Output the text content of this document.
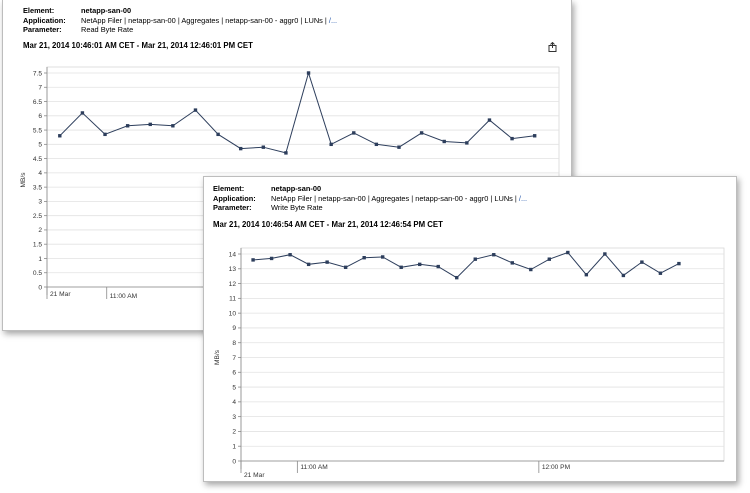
Element:	netapp-san-00
Application: NetApp Filer | netapp-san-00 | Aggregates | netapp-san-00 - aggr0 | LUNs | /...
Parameter:	Read Byte Rate
Mar 21, 2014 10:46:01 AM CET - Mar 21, 2014 12:46:01 PM CET
0
0.5
1
1.5
2
2.5
3
3.5
4
4.5
5
5.5
6
6.5
7
7.5
MB/s
21 Mar	11:00 AM
Element:	netapp-san-00
Application: NetApp Filer | netapp-san-00 | Aggregates | netapp-san-00 - aggr0 | LUNs | /...
Parameter:	Write Byte Rate
Mar 21, 2014 10:46:54 AM CET - Mar 21, 2014 12:46:54 PM CET
0
1
2
3
4
5
6
7
8
9
10
11
12
13
14
MB/s
21 Mar
11:00 AM	12:00 PM
